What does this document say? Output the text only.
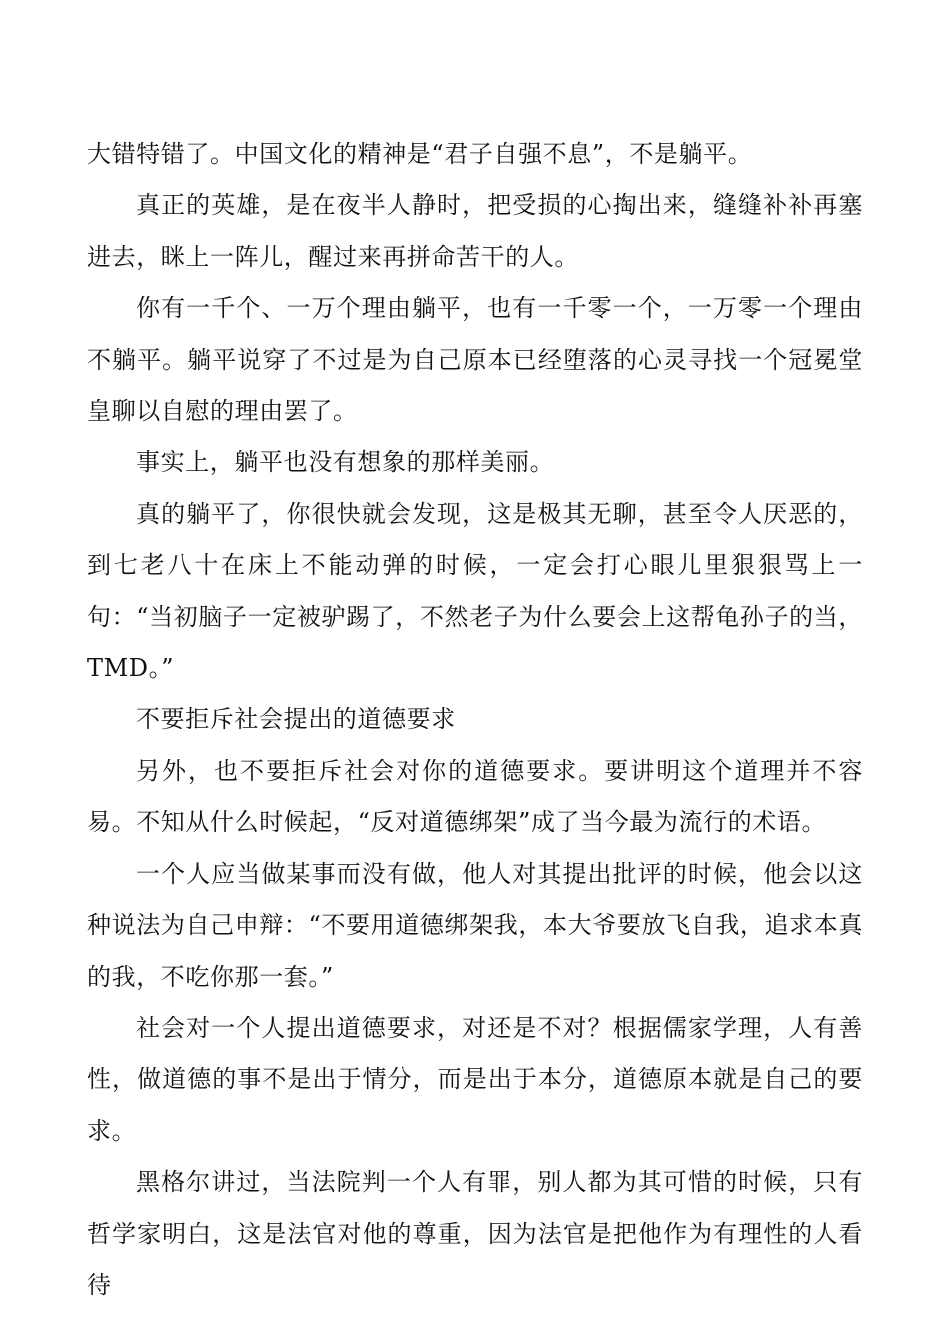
大错特错了。中国文化的精神是“君子自强不息”，不是躺平。

真正的英雄，是在夜半人静时，把受损的心掏出来，缝缝补补再塞进去，眯上一阵儿，醒过来再拼命苦干的人。

你有一千个、一万个理由躺平，也有一千零一个，一万零一个理由不躺平。躺平说穿了不过是为自己原本已经堕落的心灵寻找一个冠冕堂皇聊以自慰的理由罢了。

事实上，躺平也没有想象的那样美丽。

真的躺平了，你很快就会发现，这是极其无聊，甚至令人厌恶的，到七老八十在床上不能动弹的时候，一定会打心眼儿里狠狠骂上一句：“当初脑子一定被驴踢了，不然老子为什么要会上这帮龟孙子的当，TMD。”

不要拒斥社会提出的道德要求

另外，也不要拒斥社会对你的道德要求。要讲明这个道理并不容易。不知从什么时候起，“反对道德绑架”成了当今最为流行的术语。

一个人应当做某事而没有做，他人对其提出批评的时候，他会以这种说法为自己申辩：“不要用道德绑架我，本大爷要放飞自我，追求本真的我，不吃你那一套。”

社会对一个人提出道德要求，对还是不对？根据儒家学理，人有善性，做道德的事不是出于情分，而是出于本分，道德原本就是自己的要求。

黑格尔讲过，当法院判一个人有罪，别人都为其可惜的时候，只有哲学家明白，这是法官对他的尊重，因为法官是把他作为有理性的人看待
